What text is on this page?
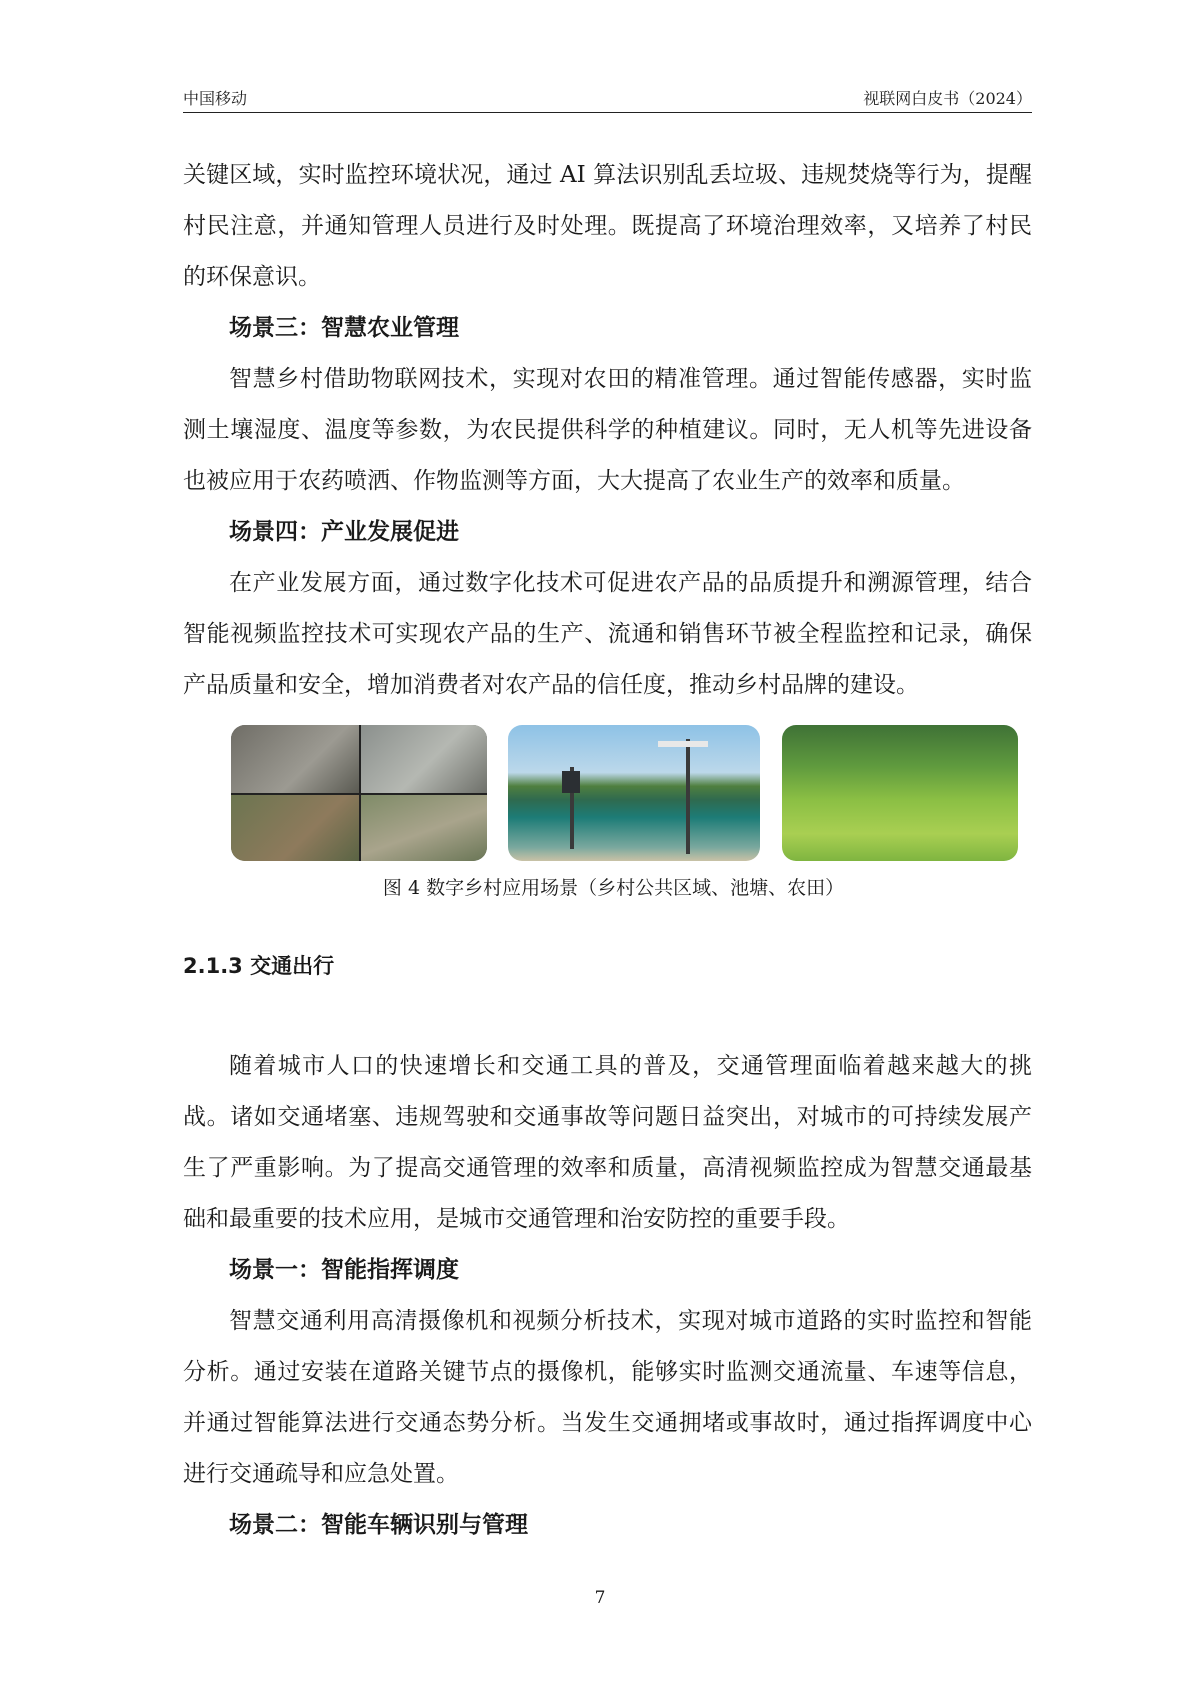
中国移动	视联网白皮书（2024）

关键区域，实时监控环境状况，通过 AI 算法识别乱丢垃圾、违规焚烧等行为，提醒村民注意，并通知管理人员进行及时处理。既提高了环境治理效率，又培养了村民的环保意识。

场景三：智慧农业管理

智慧乡村借助物联网技术，实现对农田的精准管理。通过智能传感器，实时监测土壤湿度、温度等参数，为农民提供科学的种植建议。同时，无人机等先进设备也被应用于农药喷洒、作物监测等方面，大大提高了农业生产的效率和质量。

场景四：产业发展促进

在产业发展方面，通过数字化技术可促进农产品的品质提升和溯源管理，结合智能视频监控技术可实现农产品的生产、流通和销售环节被全程监控和记录，确保产品质量和安全，增加消费者对农产品的信任度，推动乡村品牌的建设。

图 4 数字乡村应用场景（乡村公共区域、池塘、农田）

2.1.3 交通出行

随着城市人口的快速增长和交通工具的普及，交通管理面临着越来越大的挑战。诸如交通堵塞、违规驾驶和交通事故等问题日益突出，对城市的可持续发展产生了严重影响。为了提高交通管理的效率和质量，高清视频监控成为智慧交通最基础和最重要的技术应用，是城市交通管理和治安防控的重要手段。

场景一：智能指挥调度

智慧交通利用高清摄像机和视频分析技术，实现对城市道路的实时监控和智能分析。通过安装在道路关键节点的摄像机，能够实时监测交通流量、车速等信息，并通过智能算法进行交通态势分析。当发生交通拥堵或事故时，通过指挥调度中心进行交通疏导和应急处置。

场景二：智能车辆识别与管理

7
